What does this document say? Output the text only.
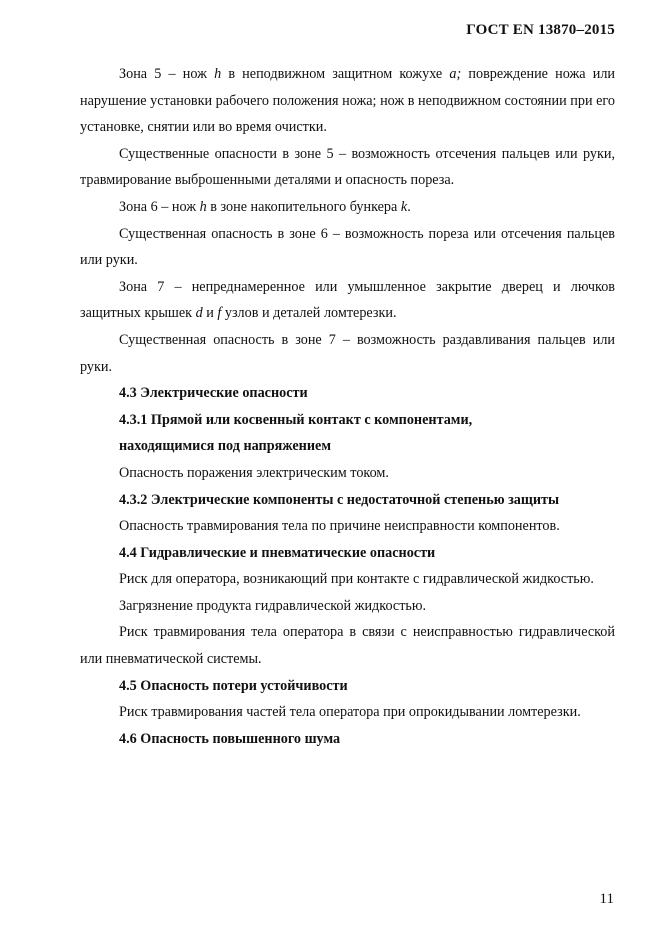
ГОСТ EN 13870–2015

Зона 5 – нож h в неподвижном защитном кожухе a; повреждение ножа или нарушение установки рабочего положения ножа; нож в неподвижном состоянии при его установке, снятии или во время очистки.

Существенные опасности в зоне 5 – возможность отсечения пальцев или руки, травмирование выброшенными деталями и опасность пореза.

Зона 6 – нож h в зоне накопительного бункера k.

Существенная опасность в зоне 6 – возможность пореза или отсечения пальцев или руки.

Зона 7 – непреднамеренное или умышленное закрытие дверец и лючков защитных крышек d и f узлов и деталей ломтерезки.

Существенная опасность в зоне 7 – возможность раздавливания пальцев или руки.

4.3 Электрические опасности

4.3.1 Прямой или косвенный контакт с компонентами, находящимися под напряжением

Опасность поражения электрическим током.

4.3.2 Электрические компоненты с недостаточной степенью защиты

Опасность травмирования тела по причине неисправности компонентов.

4.4 Гидравлические и пневматические опасности

Риск для оператора, возникающий при контакте с гидравлической жидкостью.

Загрязнение продукта гидравлической жидкостью.

Риск травмирования тела оператора в связи с неисправностью гидравлической или пневматической системы.

4.5 Опасность потери устойчивости

Риск травмирования частей тела оператора при опрокидывании ломтерезки.

4.6 Опасность повышенного шума

11
